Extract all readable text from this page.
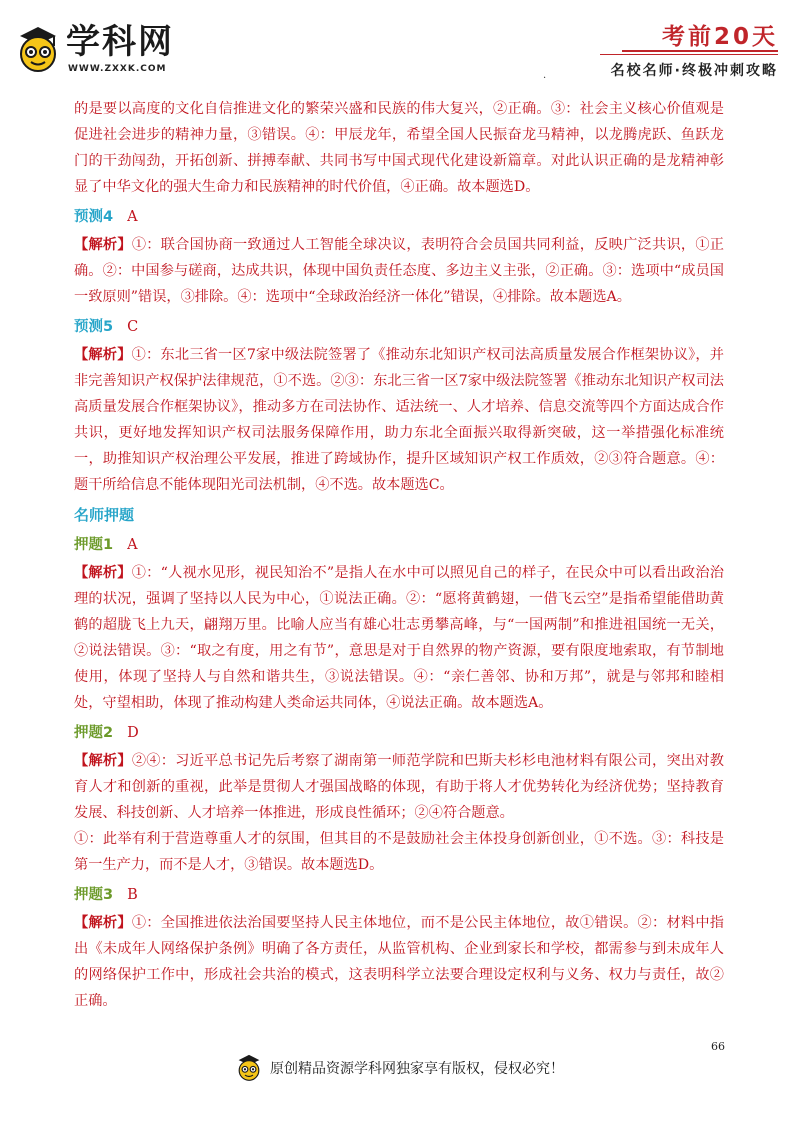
学科网
WWW.ZXXK.COM
考前20天
名校名师·终极冲刺攻略
.

的是要以高度的文化自信推进文化的繁荣兴盛和民族的伟大复兴，②正确。③：社会主义核心价值观是促进社会进步的精神力量，③错误。④：甲辰龙年，希望全国人民振奋龙马精神，以龙腾虎跃、鱼跃龙门的干劲闯劲，开拓创新、拼搏奉献、共同书写中国式现代化建设新篇章。对此认识正确的是龙精神彰显了中华文化的强大生命力和民族精神的时代价值，④正确。故本题选D。

预测4 A

【解析】①：联合国协商一致通过人工智能全球决议，表明符合会员国共同利益，反映广泛共识，①正确。②：中国参与磋商，达成共识，体现中国负责任态度、多边主义主张，②正确。③：选项中“成员国一致原则”错误，③排除。④：选项中“全球政治经济一体化”错误，④排除。故本题选A。

预测5 C

【解析】①：东北三省一区7家中级法院签署了《推动东北知识产权司法高质量发展合作框架协议》，并非完善知识产权保护法律规范，①不选。②③：东北三省一区7家中级法院签署《推动东北知识产权司法高质量发展合作框架协议》，推动多方在司法协作、适法统一、人才培养、信息交流等四个方面达成合作共识，更好地发挥知识产权司法服务保障作用，助力东北全面振兴取得新突破，这一举措强化标准统一，助推知识产权治理公平发展，推进了跨域协作，提升区域知识产权工作质效，②③符合题意。④：题干所给信息不能体现阳光司法机制，④不选。故本题选C。

名师押题
押题1 A

【解析】①：“人视水见形，视民知治不”是指人在水中可以照见自己的样子，在民众中可以看出政治治理的状况，强调了坚持以人民为中心，①说法正确。②：“愿将黄鹤翅，一借飞云空”是指希望能借助黄鹤的超胧飞上九天，翩翔万里。比喻人应当有雄心壮志勇攀高峰，与“一国两制”和推进祖国统一无关，②说法错误。③：“取之有度，用之有节”，意思是对于自然界的物产资源，要有限度地索取，有节制地使用，体现了坚持人与自然和谐共生，③说法错误。④：“亲仁善邻、协和万邦”，就是与邻邦和睦相处，守望相助，体现了推动构建人类命运共同体，④说法正确。故本题选A。

押题2 D

【解析】②④：习近平总书记先后考察了湖南第一师范学院和巴斯夫杉杉电池材料有限公司，突出对教育人才和创新的重视，此举是贯彻人才强国战略的体现，有助于将人才优势转化为经济优势；坚持教育发展、科技创新、人才培养一体推进，形成良性循环；②④符合题意。

①：此举有利于营造尊重人才的氛围，但其目的不是鼓励社会主体投身创新创业，①不选。③：科技是第一生产力，而不是人才，③错误。故本题选D。

押题3 B

【解析】①：全国推进依法治国要坚持人民主体地位，而不是公民主体地位，故①错误。②：材料中指出《未成年人网络保护条例》明确了各方责任，从监管机构、企业到家长和学校，都需参与到未成年人的网络保护工作中，形成社会共治的模式，这表明科学立法要合理设定权利与义务、权力与责任，故②正确。

66
原创精品资源学科网独家享有版权，侵权必究！
